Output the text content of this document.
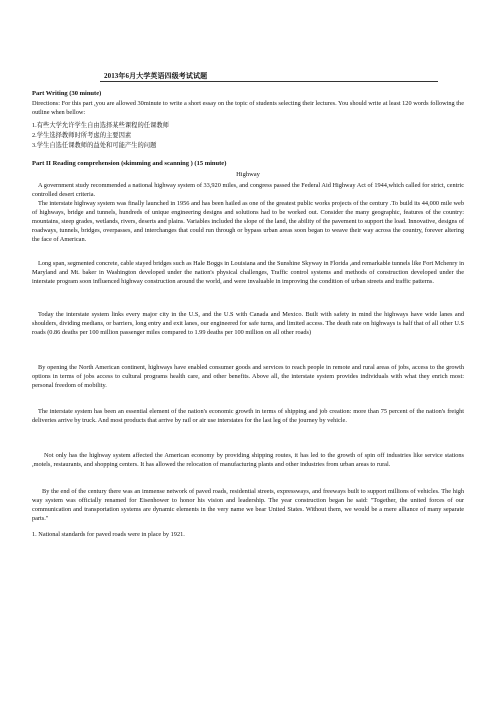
2013年6月大学英语四级考试试题
Part Writing (30 minute)

Directions: For this part ,you are allowed 30minute to write a short essay on the topic of students selecting their lectures. You should write at least 120 words following the outline when bellow:

1.有些大学允许学生自由选择某些课程的任课教师
2.学生选择教师时所考虑的主要因素
3.学生自选任课教师的益处和可能产生的问题
Part II Reading comprehension (skimming and scanning ) (15 minute)
Highway

A government study recommended a national highway system of 33,920 miles, and congress passed the Federal Aid Highway Act of 1944,which called for strict, centric controlled desert criteria.

The interstate highway system was finally launched in 1956 and has been hailed as one of the greatest public works projects of the century .To build its 44,000 mile web of highways, bridge and tunnels, hundreds of unique engineering designs and solutions had to be worked out. Consider the many geographic, features of the country: mountains, steep grades, wetlands, rivers, deserts and plains. Variables included the slope of the land, the ability of the pavement to support the load. Innovative, designs of roadways, tunnels, bridges, overpasses, and interchanges that could run through or bypass urban areas soon began to weave their way across the country, forever altering the face of American.

Long span, segmented concrete, cable stayed bridges such as Hale Boggs in Louisiana and the Sunshine Skyway in Florida ,and remarkable tunnels like Fort Mchenry in Maryland and Mt. baker in Washington developed under the nation's physical challenges, Traffic control systems and methods of construction developed under the interstate program soon influenced highway construction around the world, and were invaluable in improving the condition of urban streets and traffic patterns.

Today the interstate system links every major city in the U.S, and the U.S with Canada and Mexico. Built with safety in mind the highways have wide lanes and shoulders, dividing medians, or barriers, long entry and exit lanes, our engineered for safe turns, and limited access. The death rate on highways is half that of all other U.S roads (0.86 deaths per 100 million passenger miles compared to 1.99 deaths per 100 million on all other roads)

By opening the North American continent, highways have enabled consumer goods and services to reach people in remote and rural areas of jobs, access to the growth options in terms of jobs access to cultural programs health care, and other benefits. Above all, the interstate system provides individuals with what they enrich most: personal freedom of mobility.

The interstate system has been an essential element of the nation's economic growth in terms of shipping and job creation: more than 75 percent of the nation's freight deliveries arrive by truck. And most products that arrive by rail or air use interstates for the last leg of the journey by vehicle.

Not only has the highway system affected the American economy by providing shipping routes, it has led to the growth of spin off industries like service stations ,motels, restaurants, and shopping centers. It has allowed the relocation of manufacturing plants and other industries from urban areas to rural.

By the end of the century there was an immense network of paved roads, residential streets, expressways, and freeways built to support millions of vehicles. The high way system was officially renamed for Eisenhower to honor his vision and leadership. The year construction began he said: "Together, the united forces of our communication and transportation systems are dynamic elements in the very name we bear United States. Without them, we would be a mere alliance of many separate parts."

1. National standards for paved roads were in place by 1921.
